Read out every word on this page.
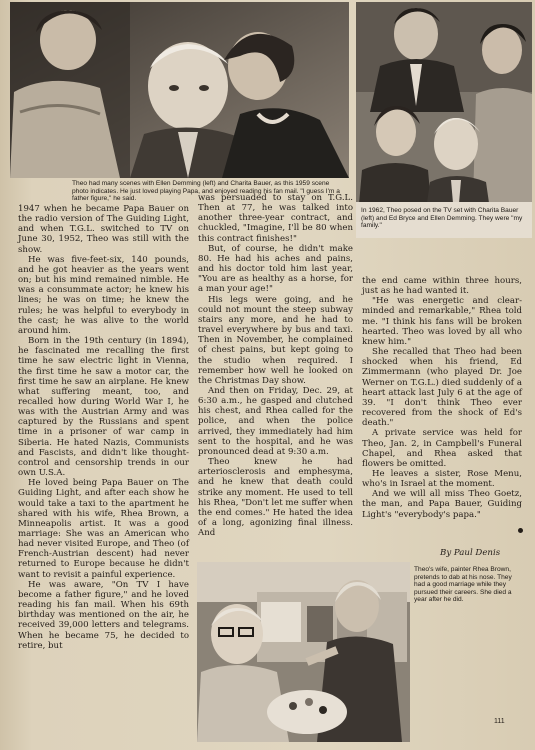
Theo had many scenes with Ellen Demming (left) and Charita Bauer, as this 1959 scene photo indicates. He just loved playing Papa, and enjoyed reading his fan mail. "I guess I'm a father figure," he said.
In 1962, Theo posed on the TV set with Charita Bauer (left) and Ed Bryce and Ellen Demming. They were "my family."

1947 when he became Papa Bauer on the radio version of The Guiding Light, and when T.G.L. switched to TV on June 30, 1952, Theo was still with the show.

He was five-feet-six, 140 pounds, and he got heavier as the years went on; but his mind remained nimble. He was a consummate actor; he knew his lines; he was on time; he knew the rules; he was helpful to everybody in the cast; he was alive to the world around him.

Born in the 19th century (in 1894), he fascinated me recalling the first time he saw electric light in Vienna, the first time he saw a motor car, the first time he saw an airplane. He knew what suffering meant, too, and recalled how during World War I, he was with the Austrian Army and was captured by the Russians and spent time in a prisoner of war camp in Siberia. He hated Nazis, Communists and Fascists, and didn't like thought-control and censorship trends in our own U.S.A.

He loved being Papa Bauer on The Guiding Light, and after each show he would take a taxi to the apartment he shared with his wife, Rhea Brown, a Minneapolis artist. It was a good marriage: She was an American who had never visited Europe, and Theo (of French-Austrian descent) had never returned to Europe because he didn't want to revisit a painful experience.

He was aware, "On TV I have become a father figure," and he loved reading his fan mail. When his 69th birthday was mentioned on the air, he received 39,000 letters and telegrams. When he became 75, he decided to retire, but

was persuaded to stay on T.G.L. Then at 77, he was talked into another three-year contract, and chuckled, "Imagine, I'll be 80 when this contract finishes!"

But, of course, he didn't make 80. He had his aches and pains, and his doctor told him last year, "You are as healthy as a horse, for a man your age!"

His legs were going, and he could not mount the steep subway stairs any more, and he had to travel everywhere by bus and taxi. Then in November, he complained of chest pains, but kept going to the studio when required. I remember how well he looked on the Christmas Day show.

And then on Friday, Dec. 29, at 6:30 a.m., he gasped and clutched his chest, and Rhea called for the police, and when the police arrived, they immediately had him sent to the hospital, and he was pronounced dead at 9:30 a.m.

Theo knew he had arteriosclerosis and emphesyma, and he knew that death could strike any moment. He used to tell his Rhea, "Don't let me suffer when the end comes." He hated the idea of a long, agonizing final illness. And

the end came within three hours, just as he had wanted it.

"He was energetic and clear-minded and remarkable," Rhea told me. "I think his fans will be broken hearted. Theo was loved by all who knew him."

She recalled that Theo had been shocked when his friend, Ed Zimmermann (who played Dr. Joe Werner on T.G.L.) died suddenly of a heart attack last July 6 at the age of 39. "I don't think Theo ever recovered from the shock of Ed's death."

A private service was held for Theo, Jan. 2, in Campbell's Funeral Chapel, and Rhea asked that flowers be omitted.

He leaves a sister, Rose Menu, who's in Israel at the moment.

And we will all miss Theo Goetz, the man, and Papa Bauer, Guiding Light's "everybody's papa."

By Paul Denis
Theo's wife, painter Rhea Brown, pretends to dab at his nose. They had a good marriage while they pursued their careers. She died a year after he did.
111
